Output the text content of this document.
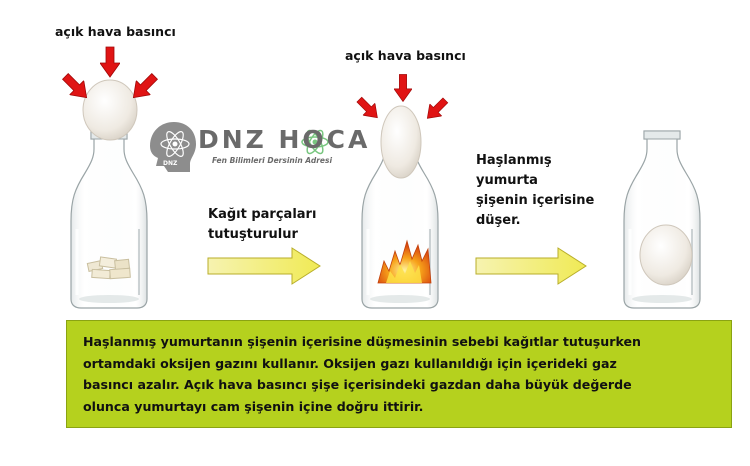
açık hava basıncı
açık hava basıncı
Kağıt parçaları
tutuşturulur
Haşlanmış
yumurta
şişenin içerisine
düşer.
DNZ HOCA
Fen Bilimleri Dersinin Adresi
DNZ
Haşlanmış yumurtanın şişenin içerisine düşmesinin sebebi kağıtlar tutuşurken
ortamdaki oksijen gazını kullanır. Oksijen gazı kullanıldığı için içerideki gaz
basıncı azalır. Açık hava basıncı şişe içerisindeki gazdan daha büyük değerde
olunca yumurtayı cam şişenin içine doğru ittirir.
